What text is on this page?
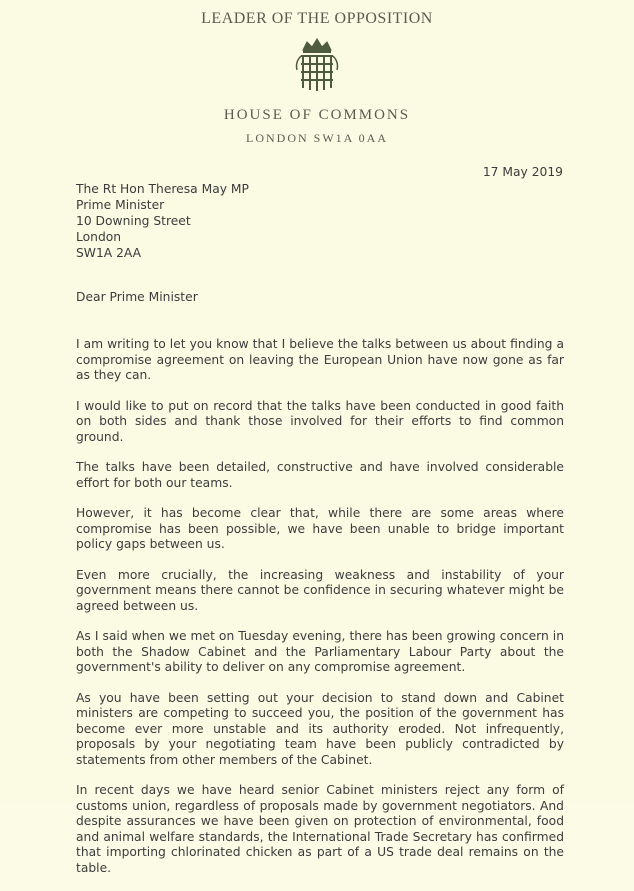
LEADER OF THE OPPOSITION
HOUSE OF COMMONS
LONDON SW1A 0AA
17 May 2019
The Rt Hon Theresa May MP
Prime Minister
10 Downing Street
London
SW1A 2AA
Dear Prime Minister

I am writing to let you know that I believe the talks between us about finding a compromise agreement on leaving the European Union have now gone as far as they can.

I would like to put on record that the talks have been conducted in good faith on both sides and thank those involved for their efforts to find common ground.

The talks have been detailed, constructive and have involved considerable effort for both our teams.

However, it has become clear that, while there are some areas where compromise has been possible, we have been unable to bridge important policy gaps between us.

Even more crucially, the increasing weakness and instability of your government means there cannot be confidence in securing whatever might be agreed between us.

As I said when we met on Tuesday evening, there has been growing concern in both the Shadow Cabinet and the Parliamentary Labour Party about the government's ability to deliver on any compromise agreement.

As you have been setting out your decision to stand down and Cabinet ministers are competing to succeed you, the position of the government has become ever more unstable and its authority eroded. Not infrequently, proposals by your negotiating team have been publicly contradicted by statements from other members of the Cabinet.

In recent days we have heard senior Cabinet ministers reject any form of customs union, regardless of proposals made by government negotiators. And despite assurances we have been given on protection of environmental, food and animal welfare standards, the International Trade Secretary has confirmed that importing chlorinated chicken as part of a US trade deal remains on the table.
